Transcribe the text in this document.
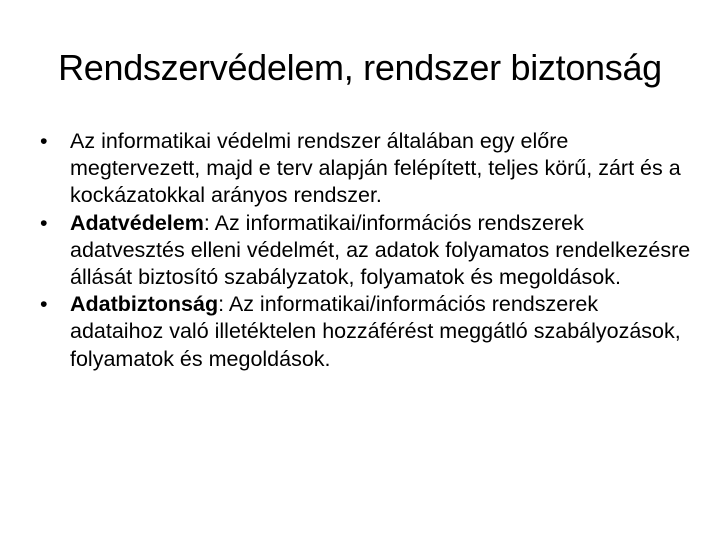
Rendszervédelem, rendszer biztonság
•	Az informatikai védelmi rendszer általában egy előre megtervezett, majd e terv alapján felépített, teljes körű, zárt és a kockázatokkal arányos rendszer.
•	Adatvédelem: Az informatikai/információs rendszerek adatvesztés elleni védelmét, az adatok folyamatos rendelkezésre állását biztosító szabályzatok, folyamatok és megoldások.
•	Adatbiztonság: Az informatikai/információs rendszerek adataihoz való illetéktelen hozzáférést meggátló szabályozások, folyamatok és megoldások.
